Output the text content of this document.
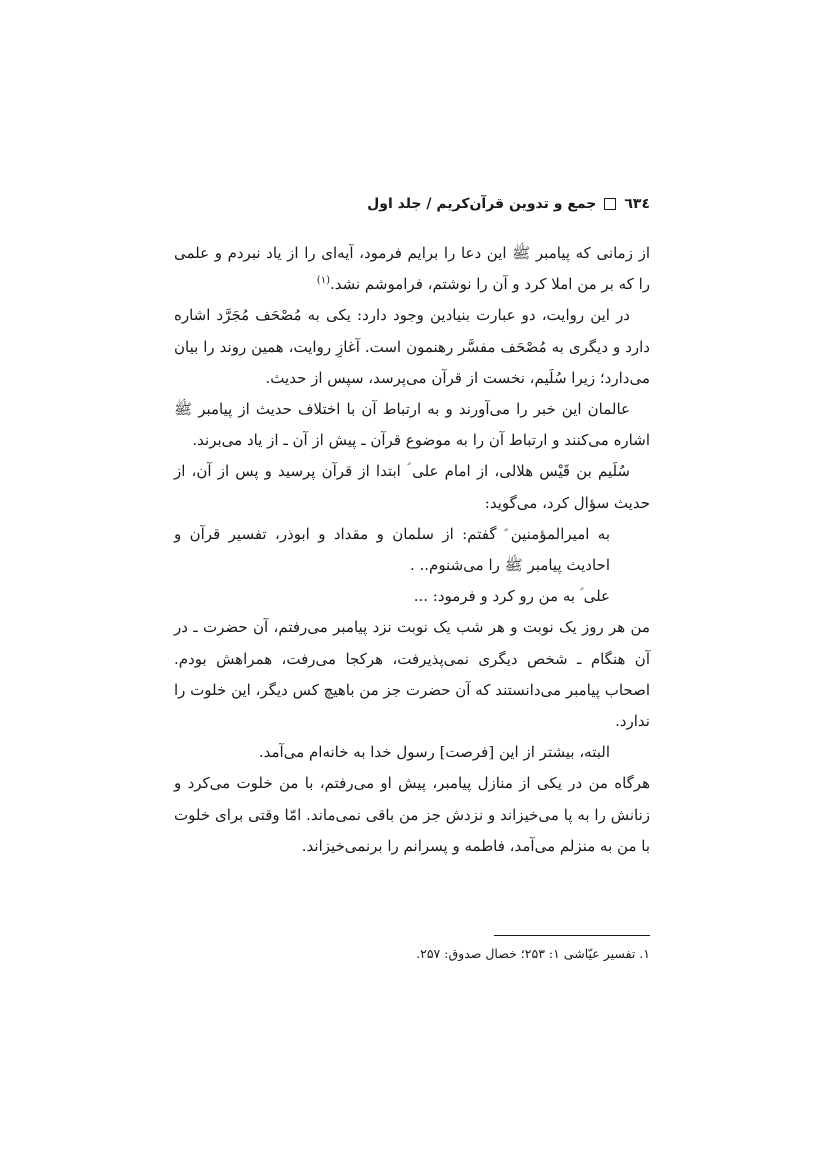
٦٣٤
جمع و تدوين قرآن‌كريم / جلد اول

از زمانی که پیامبر ﷺ این دعا را برایم فرمود، آیه‌ای را از یاد نبردم و علمی را که بر من املا کرد و آن را نوشتم، فراموشم نشد.$^{(۱)}$

در این روایت، دو عبارت بنیادین وجود دارد: یکی به مُصْحَف مُجَرَّد اشاره دارد و دیگری به مُصْحَف مفسَّر رهنمون است. آغازِ روایت، همین روند را بیان می‌دارد؛ زیرا سُلَیم، نخست از قرآن می‌پرسد، سپس از حدیث.

عالمان این خبر را می‌آورند و به ارتباط آن با اختلاف حدیث از پیامبر ﷺ اشاره می‌کنند و ارتباط آن را به موضوع قرآن ـ پیش از آن ـ از یاد می‌برند.

سُلَیم بن قَیْس هلالی، از امام علی ؑ ابتدا از قرآن پرسید و پس از آن، از حدیث سؤال کرد، می‌گوید:

به امیرالمؤمنین ؑ گفتم: از سلمان و مقداد و ابوذر، تفسیر قرآن و احادیث پیامبر ﷺ را می‌شنوم.. .

علی ؑ به من رو کرد و فرمود: ...

من هر روز یک نوبت و هر شب یک نوبت نزد پیامبر می‌رفتم، آن حضرت ـ در آن هنگام ـ شخص دیگری نمی‌پذیرفت، هرکجا می‌رفت، همراهش بودم. اصحاب پیامبر می‌دانستند که آن حضرت جز من باهیچ کس دیگر، این خلوت را ندارد.

البته، بیشتر از این [فرصت] رسول خدا به خانه‌ام می‌آمد.

هرگاه من در یکی از منازل پیامبر، پیش او می‌رفتم، با من خلوت می‌کرد و زنانش را به پا می‌خیزاند و نزدش جز من باقی نمی‌ماند. امّا وقتی برای خلوت با من به منزلم می‌آمد، فاطمه و پسرانم را برنمی‌خیزاند.

۱. تفسیر عیّاشی ۱: ۲۵۳؛ خصال صدوق: ۲۵۷.
